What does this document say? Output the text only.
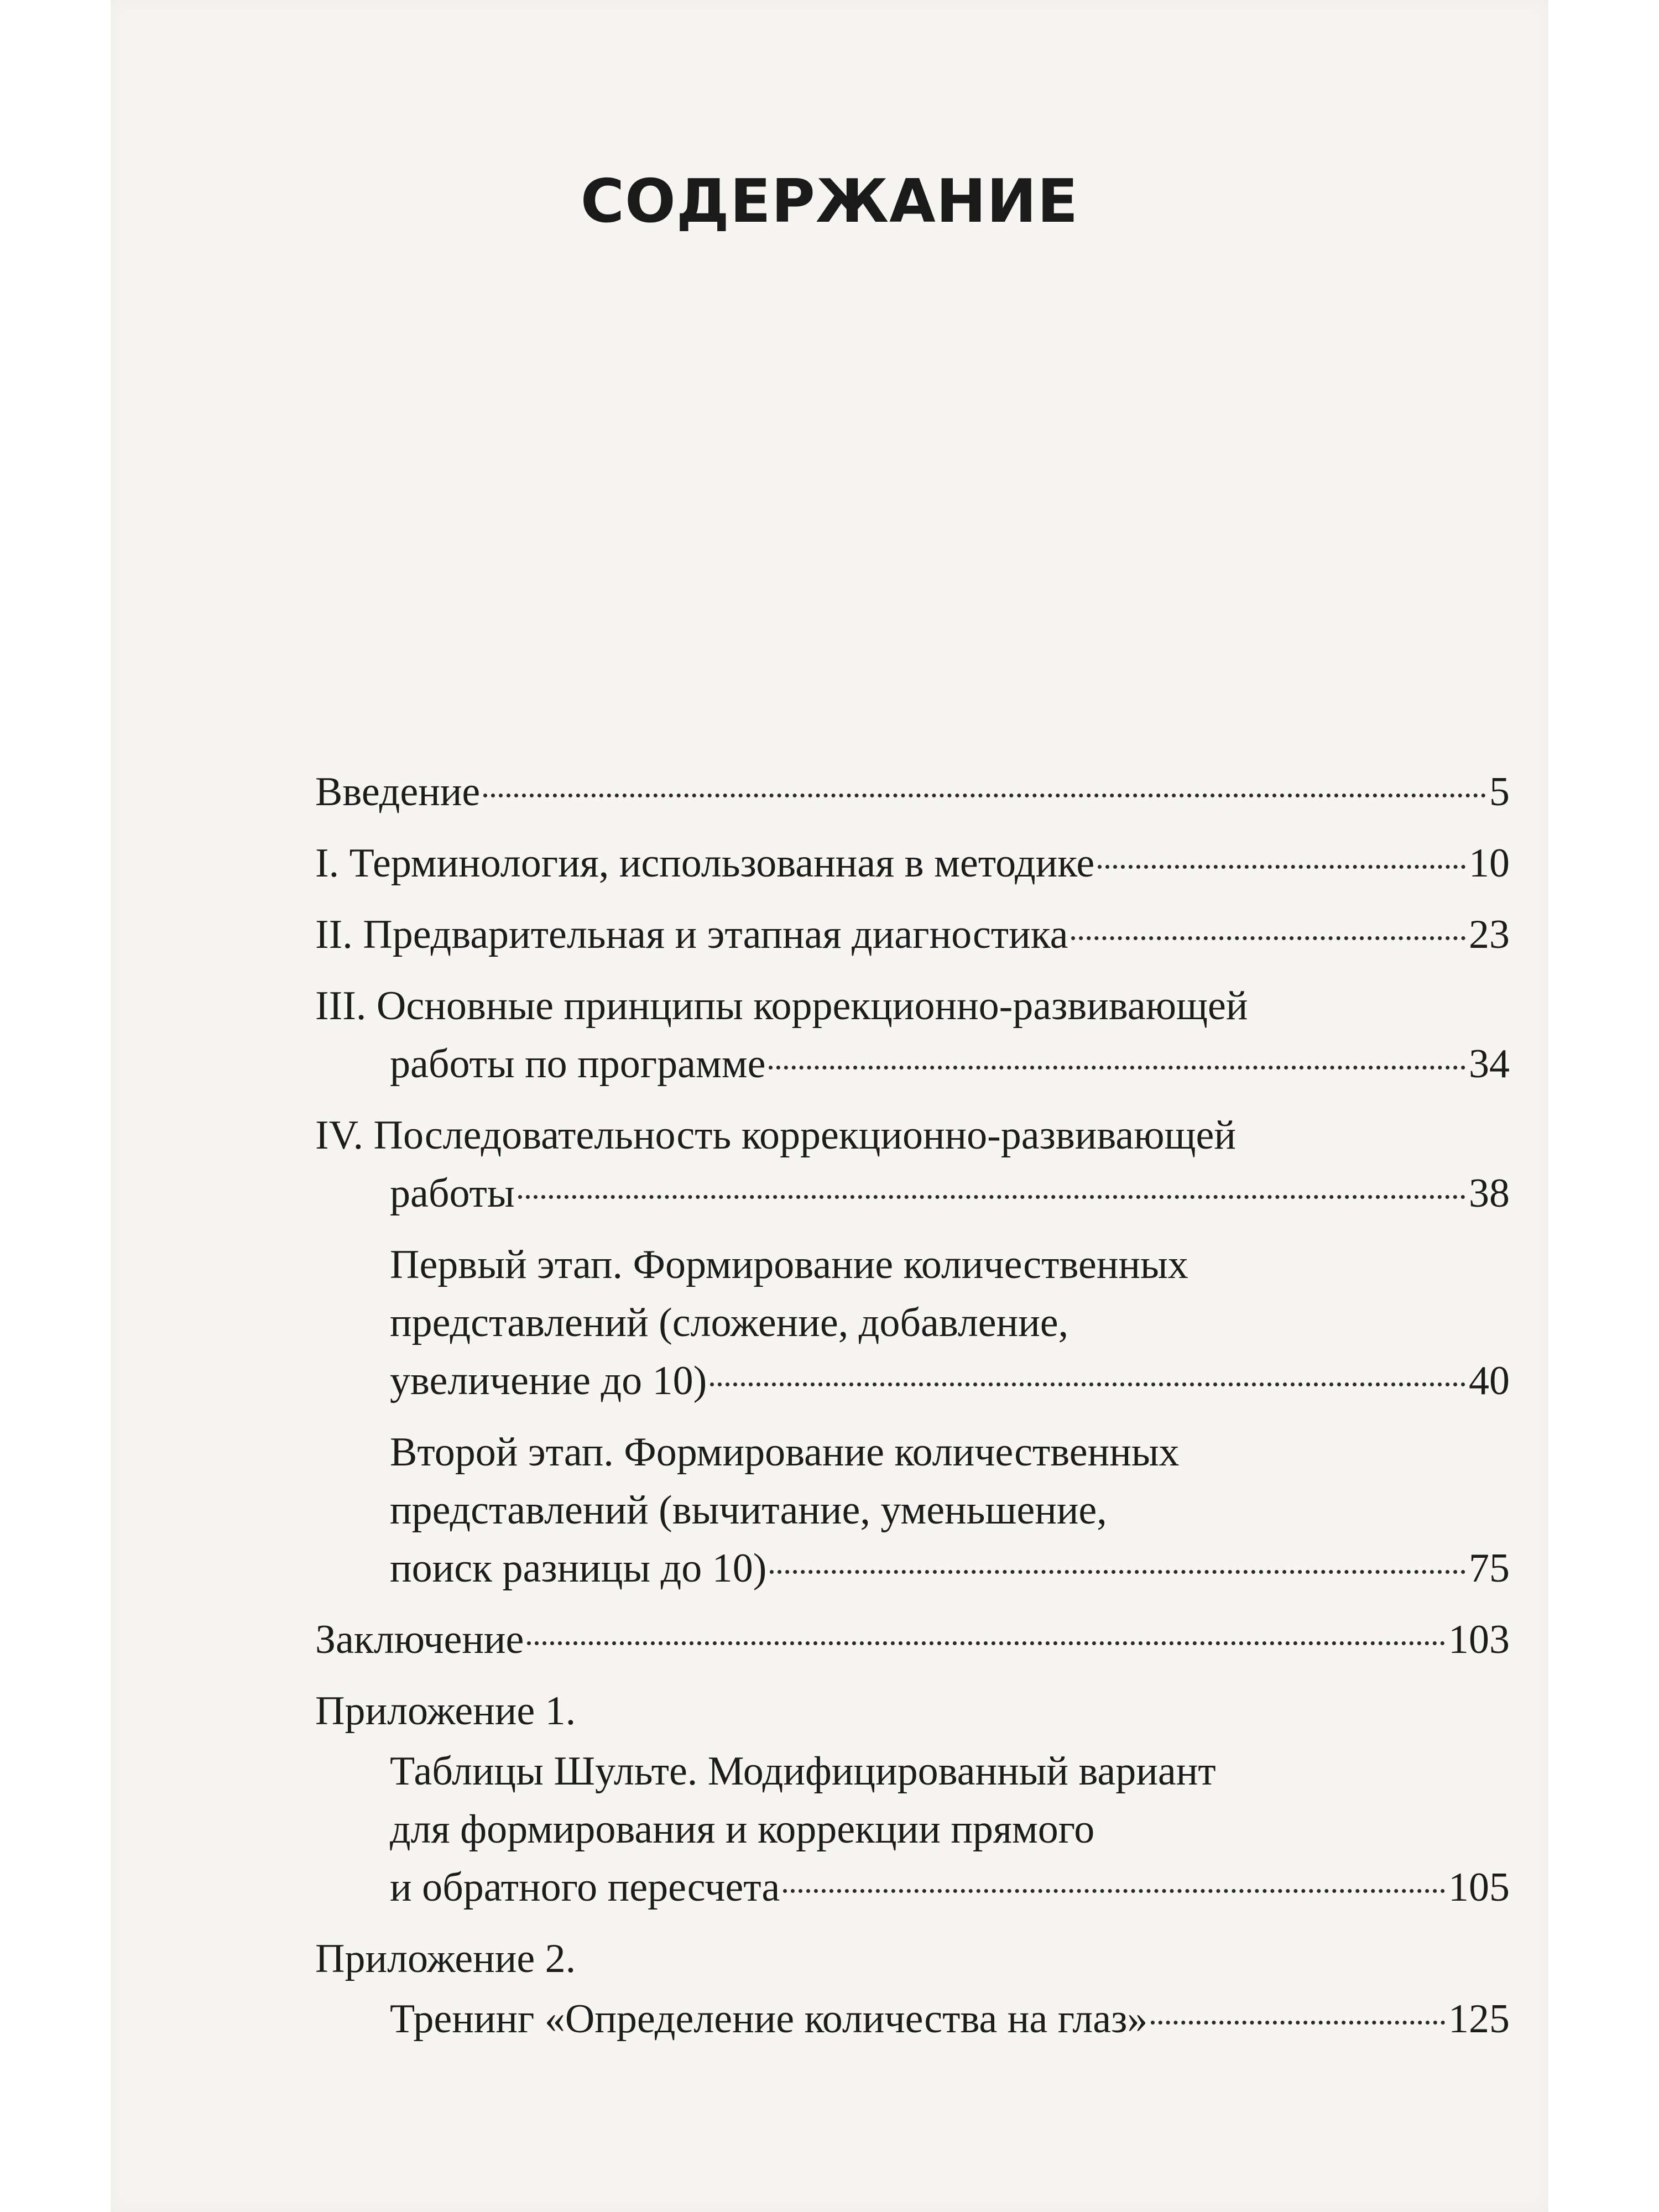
СОДЕРЖАНИЕ
Введение	5
I. Терминология, использованная в методике	10
II. Предварительная и этапная диагностика	23
III. Основные принципы коррекционно-развивающей
работы по программе	34
IV. Последовательность коррекционно-развивающей
работы	38
Первый этап. Формирование количественных
представлений (сложение, добавление,
увеличение до 10)	40
Второй этап. Формирование количественных
представлений (вычитание, уменьшение,
поиск разницы до 10)	75
Заключение	103
Приложение 1.
Таблицы Шульте. Модифицированный вариант
для формирования и коррекции прямого
и обратного пересчета	105
Приложение 2.
Тренинг «Определение количества на глаз»	125
